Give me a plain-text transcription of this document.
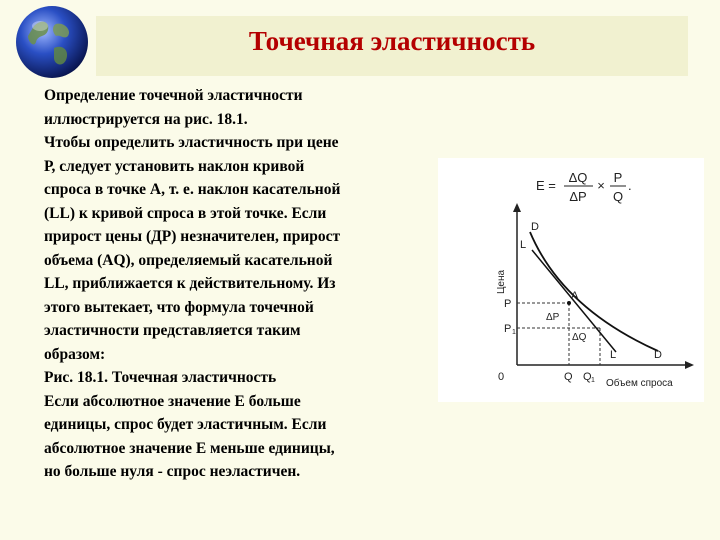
Точечная эластичность
Определение точечной эластичности
иллюстрируется на рис. 18.1.
Чтобы определить эластичность при цене
Р, следует установить наклон кривой
спроса в точке А, т. е. наклон касательной
(LL) к кривой спроса в этой точке. Если
прирост цены (ДР) незначителен, прирост
объема (AQ), определяемый касательной
LL, приближается к действительному. Из
этого вытекает, что формула точечной
эластичности представляется таким
образом:
Рис. 18.1. Точечная эластичность
Если абсолютное значение Е больше
единицы, спрос будет эластичным. Если
абсолютное значение Е меньше единицы,
но больше нуля - спрос неэластичен.
E =
ΔQ
ΔP
×
P
Q
.
Цена
Объем спроса
0
D
L
P
P 1
A
ΔP
ΔQ
Q Q 1
L	D
